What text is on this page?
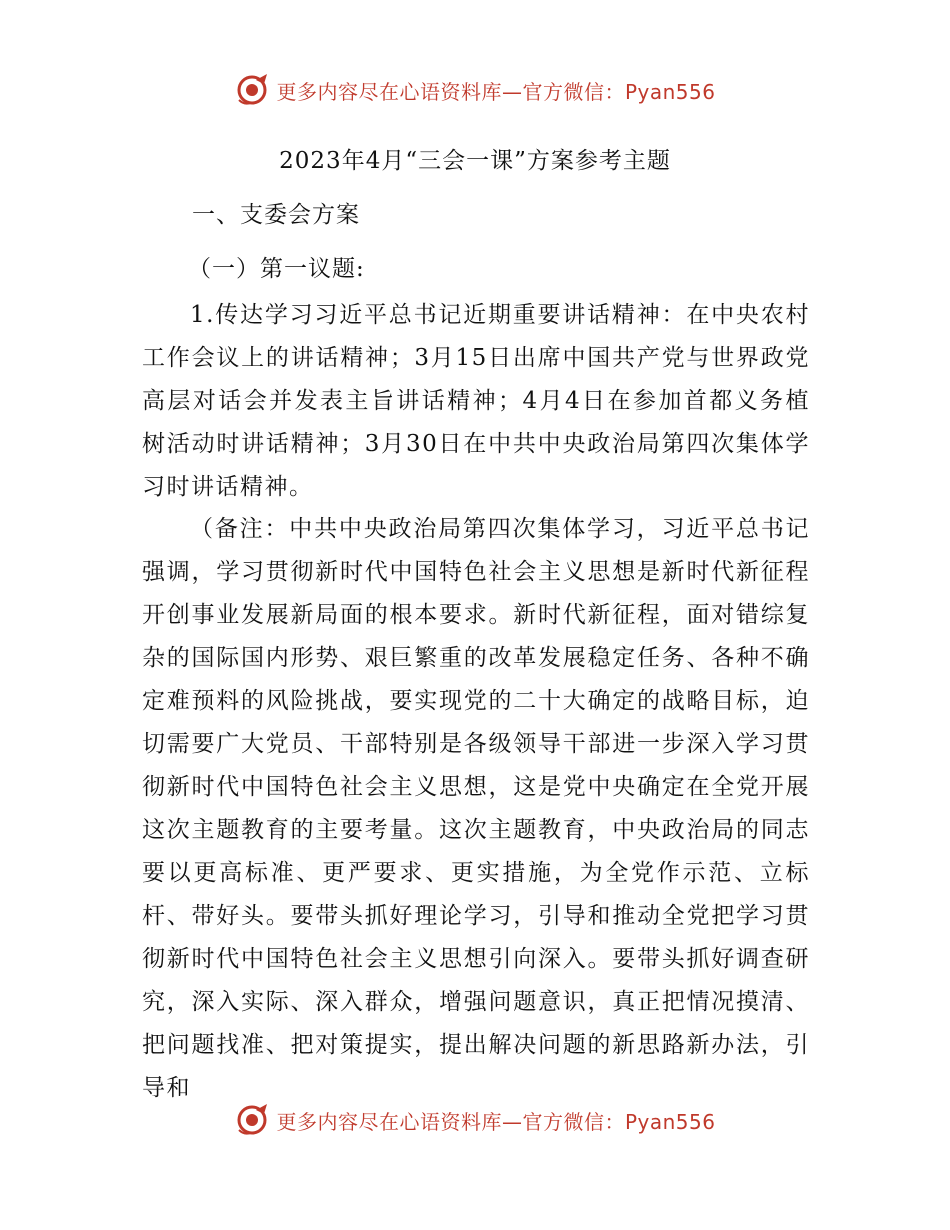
更多内容尽在心语资料库—官方微信：Pyan556
2023年4月“三会一课”方案参考主题
一、支委会方案
（一）第一议题:

1.传达学习习近平总书记近期重要讲话精神：在中央农村工作会议上的讲话精神；3月15日出席中国共产党与世界政党高层对话会并发表主旨讲话精神；4月4日在参加首都义务植树活动时讲话精神；3月30日在中共中央政治局第四次集体学习时讲话精神。

（备注：中共中央政治局第四次集体学习，习近平总书记强调，学习贯彻新时代中国特色社会主义思想是新时代新征程开创事业发展新局面的根本要求。新时代新征程，面对错综复杂的国际国内形势、艰巨繁重的改革发展稳定任务、各种不确定难预料的风险挑战，要实现党的二十大确定的战略目标，迫切需要广大党员、干部特别是各级领导干部进一步深入学习贯彻新时代中国特色社会主义思想，这是党中央确定在全党开展这次主题教育的主要考量。这次主题教育，中央政治局的同志要以更高标准、更严要求、更实措施，为全党作示范、立标杆、带好头。要带头抓好理论学习，引导和推动全党把学习贯彻新时代中国特色社会主义思想引向深入。要带头抓好调查研究，深入实际、深入群众，增强问题意识，真正把情况摸清、把问题找准、把对策提实，提出解决问题的新思路新办法，引导和

更多内容尽在心语资料库—官方微信：Pyan556
